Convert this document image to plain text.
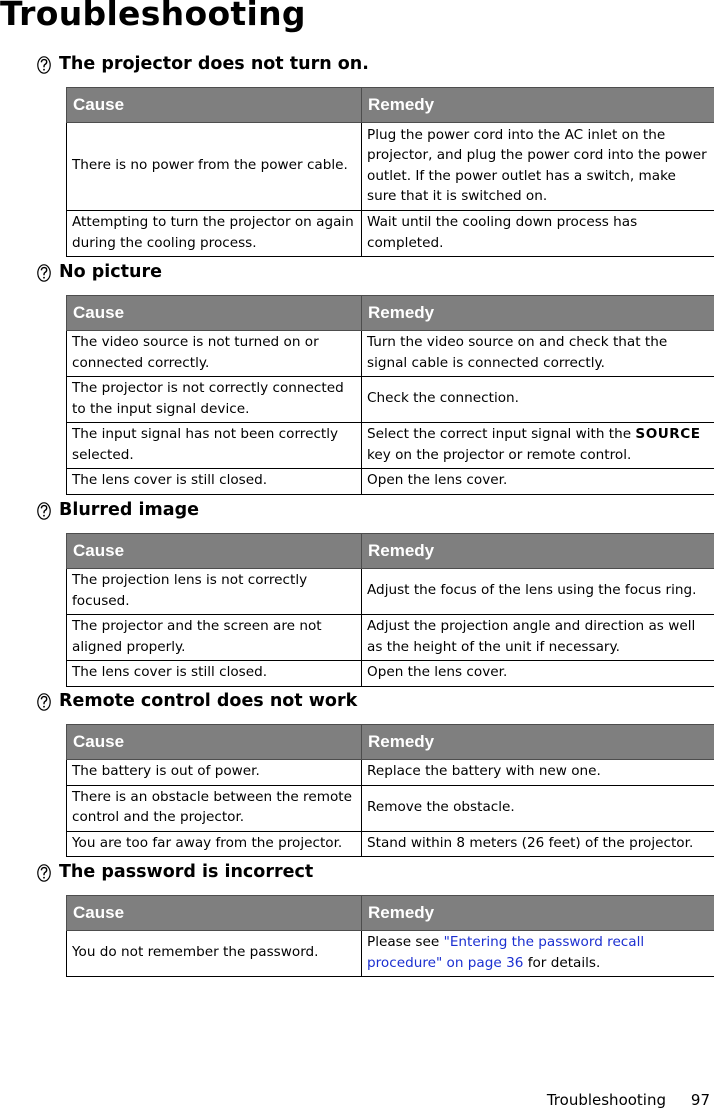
Troubleshooting
The projector does not turn on.
Cause	Remedy
There is no power from the power cable.	Plug the power cord into the AC inlet on the projector, and plug the power cord into the power outlet. If the power outlet has a switch, make sure that it is switched on.
Attempting to turn the projector on again during the cooling process.	Wait until the cooling down process has completed.
No picture
Cause	Remedy
The video source is not turned on or connected correctly.	Turn the video source on and check that the signal cable is connected correctly.
The projector is not correctly connected to the input signal device.	Check the connection.
The input signal has not been correctly selected.	Select the correct input signal with the SOURCE key on the projector or remote control.
The lens cover is still closed.	Open the lens cover.
Blurred image
Cause	Remedy
The projection lens is not correctly focused.	Adjust the focus of the lens using the focus ring.
The projector and the screen are not aligned properly.	Adjust the projection angle and direction as well as the height of the unit if necessary.
The lens cover is still closed.	Open the lens cover.
Remote control does not work
Cause	Remedy
The battery is out of power.	Replace the battery with new one.
There is an obstacle between the remote control and the projector.	Remove the obstacle.
You are too far away from the projector.	Stand within 8 meters (26 feet) of the projector.
The password is incorrect
Cause	Remedy
You do not remember the password.	Please see "Entering the password recall procedure" on page 36 for details.
Troubleshooting 97
